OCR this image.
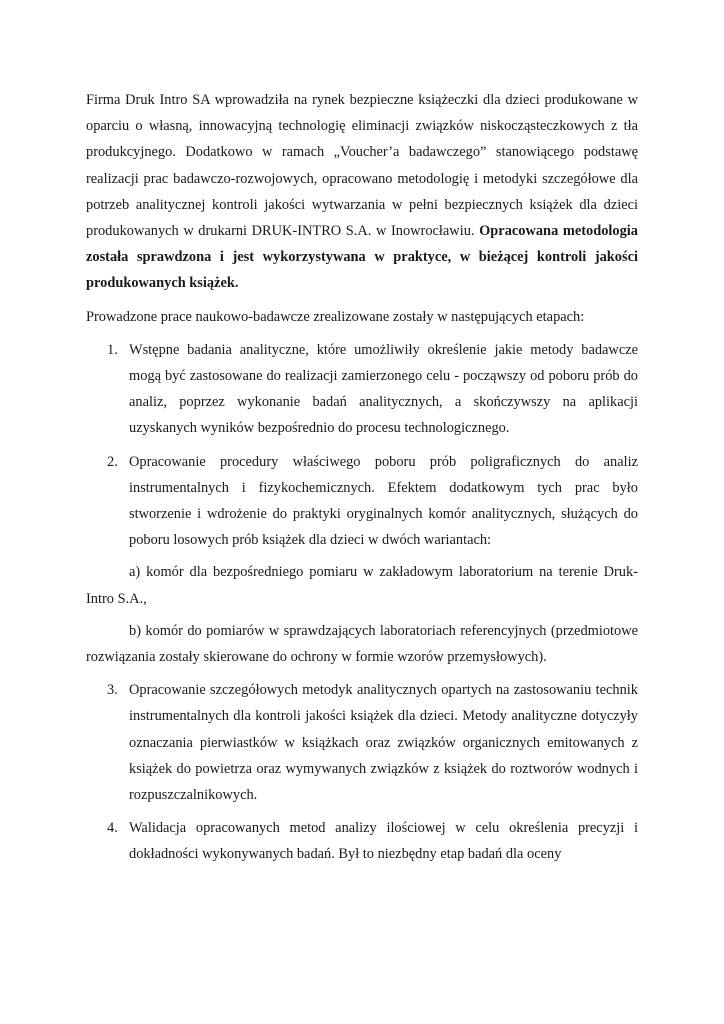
Firma Druk Intro SA wprowadziła na rynek bezpieczne książeczki dla dzieci produkowane w oparciu o własną, innowacyjną technologię eliminacji związków niskocząsteczkowych z tła produkcyjnego. Dodatkowo w ramach „Voucher’a badawczego” stanowiącego podstawę realizacji prac badawczo-rozwojowych, opracowano metodologię i metodyki szczegółowe dla potrzeb analitycznej kontroli jakości wytwarzania w pełni bezpiecznych książek dla dzieci produkowanych w drukarni DRUK-INTRO S.A. w Inowrocławiu. Opracowana metodologia została sprawdzona i jest wykorzystywana w praktyce, w bieżącej kontroli jakości produkowanych książek.

Prowadzone prace naukowo-badawcze zrealizowane zostały w następujących etapach:

1. Wstępne badania analityczne, które umożliwiły określenie jakie metody badawcze mogą być zastosowane do realizacji zamierzonego celu - począwszy od poboru prób do analiz, poprzez wykonanie badań analitycznych, a skończywszy na aplikacji uzyskanych wyników bezpośrednio do procesu technologicznego.

2. Opracowanie procedury właściwego poboru prób poligraficznych do analiz instrumentalnych i fizykochemicznych. Efektem dodatkowym tych prac było stworzenie i wdrożenie do praktyki oryginalnych komór analitycznych, służących do poboru losowych prób książek dla dzieci w dwóch wariantach:

a) komór dla bezpośredniego pomiaru w zakładowym laboratorium na terenie Druk-Intro S.A.,

b) komór do pomiarów w sprawdzających laboratoriach referencyjnych (przedmiotowe rozwiązania zostały skierowane do ochrony w formie wzorów przemysłowych).

3. Opracowanie szczegółowych metodyk analitycznych opartych na zastosowaniu technik instrumentalnych dla kontroli jakości książek dla dzieci. Metody analityczne dotyczyły oznaczania pierwiastków w książkach oraz związków organicznych emitowanych z książek do powietrza oraz wymywanych związków z książek do roztworów wodnych i rozpuszczalnikowych.

4. Walidacja opracowanych metod analizy ilościowej w celu określenia precyzji i dokładności wykonywanych badań. Był to niezbędny etap badań dla oceny
